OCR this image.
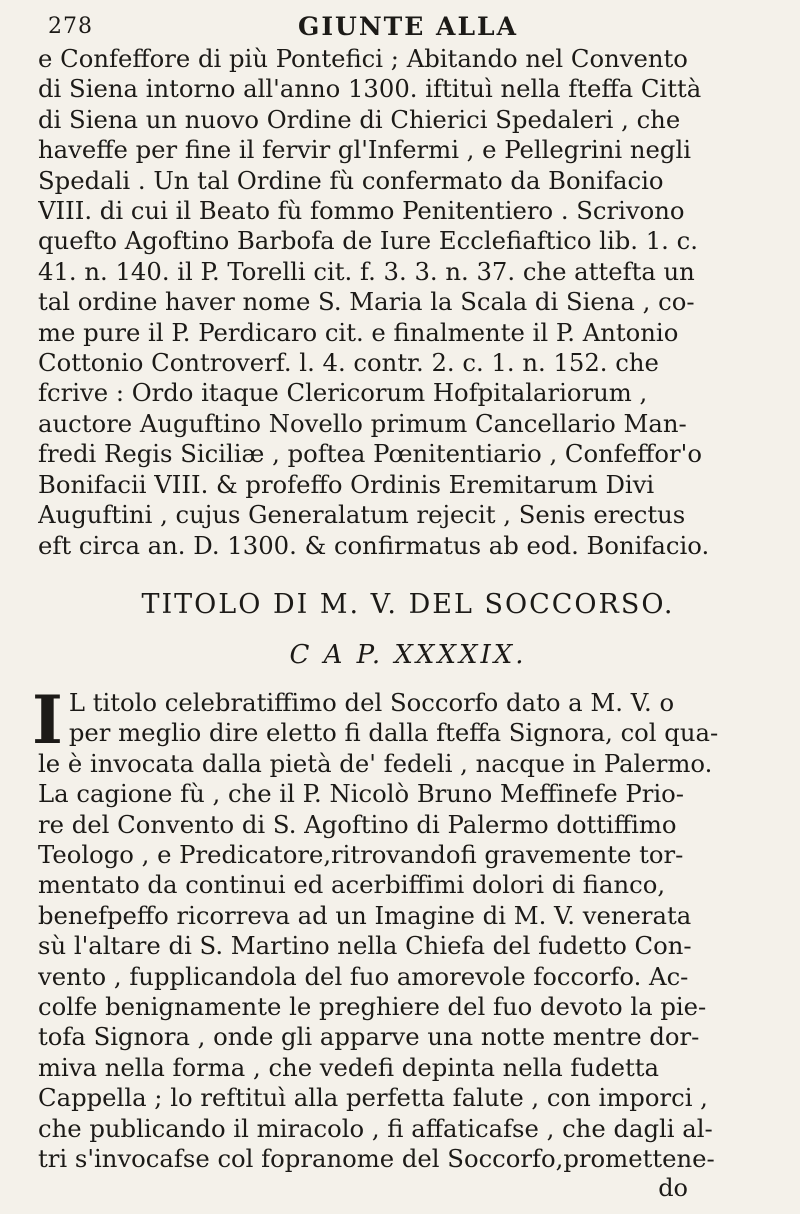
278	GIUNTE ALLA
e Confeffore di più Pontefici ; Abitando nel Convento
di Siena intorno all'anno 1300. iftituì nella fteffa Città
di Siena un nuovo Ordine di Chierici Spedaleri , che
haveffe per fine il fervir gl'Infermi , e Pellegrini negli
Spedali . Un tal Ordine fù confermato da Bonifacio
VIII. di cui il Beato fù fommo Penitentiero . Scrivono
quefto Agoftino Barbofa de Iure Ecclefiaftico lib. 1. c.
41. n. 140. il P. Torelli cit. f. 3. 3. n. 37. che attefta un
tal ordine haver nome S. Maria la Scala di Siena , co-
me pure il P. Perdicaro cit. e finalmente il P. Antonio
Cottonio Controverf. l. 4. contr. 2. c. 1. n. 152. che
fcrive : Ordo itaque Clericorum Hofpitalariorum ,
auctore Auguftino Novello primum Cancellario Man-
fredi Regis Siciliæ , poftea Pœnitentiario , Confeffor'o
Bonifacii VIII. & profeffo Ordinis Eremitarum Divi
Auguftini , cujus Generalatum rejecit , Senis erectus
eft circa an. D. 1300. & confirmatus ab eod. Bonifacio.
TITOLO DI M. V. DEL SOCCORSO.
C A P. XXXXIX.
I L titolo celebratiffimo del Soccorfo dato a M. V. o
per meglio dire eletto fi dalla fteffa Signora, col qua-
le è invocata dalla pietà de' fedeli , nacque in Palermo.
La cagione fù , che il P. Nicolò Bruno Meffinefe Prio-
re del Convento di S. Agoftino di Palermo dottiffimo
Teologo , e Predicatore,ritrovandofi gravemente tor-
mentato da continui ed acerbiffimi dolori di fianco,
benefpeffo ricorreva ad un Imagine di M. V. venerata
sù l'altare di S. Martino nella Chiefa del fudetto Con-
vento , fupplicandola del fuo amorevole foccorfo. Ac-
colfe benignamente le preghiere del fuo devoto la pie-
tofa Signora , onde gli apparve una notte mentre dor-
miva nella forma , che vedefi depinta nella fudetta
Cappella ; lo reftituì alla perfetta falute , con imporci ,
che publicando il miracolo , fi affaticafse , che dagli al-
tri s'invocafse col fopranome del Soccorfo,promettene-
do
